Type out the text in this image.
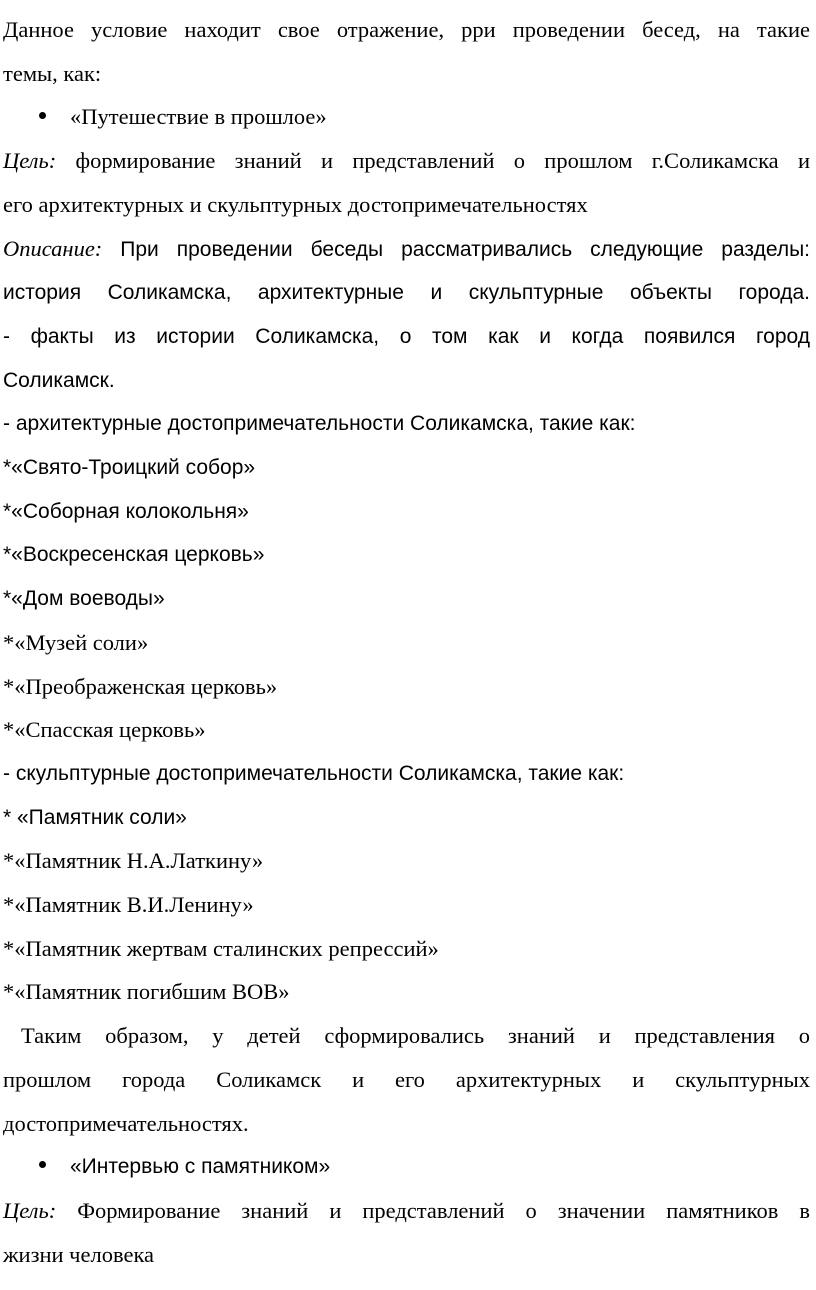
Данное условие находит свое отражение, рри проведении бесед, на такие

темы, как:

«Путешествие в прошлое»

Цель: формирование знаний и представлений о прошлом г.Соликамска и

его архитектурных и скульптурных достопримечательностях

Описание: При проведении беседы рассматривались следующие разделы:

история Соликамска, архитектурные и скульптурные объекты города.

- факты из истории Соликамска, о том как и когда появился город

Соликамск.

- архитектурные достопримечательности Соликамска, такие как:

*«Свято-Троицкий собор»

*«Соборная колокольня»

*«Воскресенская церковь»

*«Дом воеводы»

*«Музей соли»

*«Преображенская церковь»

*«Спасская церковь»

- скульптурные достопримечательности Соликамска, такие как:

* «Памятник соли»

*«Памятник Н.А.Латкину»

*«Памятник В.И.Ленину»

*«Памятник жертвам сталинских репрессий»

*«Памятник погибшим ВОВ»

Таким образом, у детей сформировались знаний и представления о

прошлом города Соликамск и его архитектурных и скульптурных

достопримечательностях.

«Интервью с памятником»

Цель: Формирование знаний и представлений о значении памятников в

жизни человека
